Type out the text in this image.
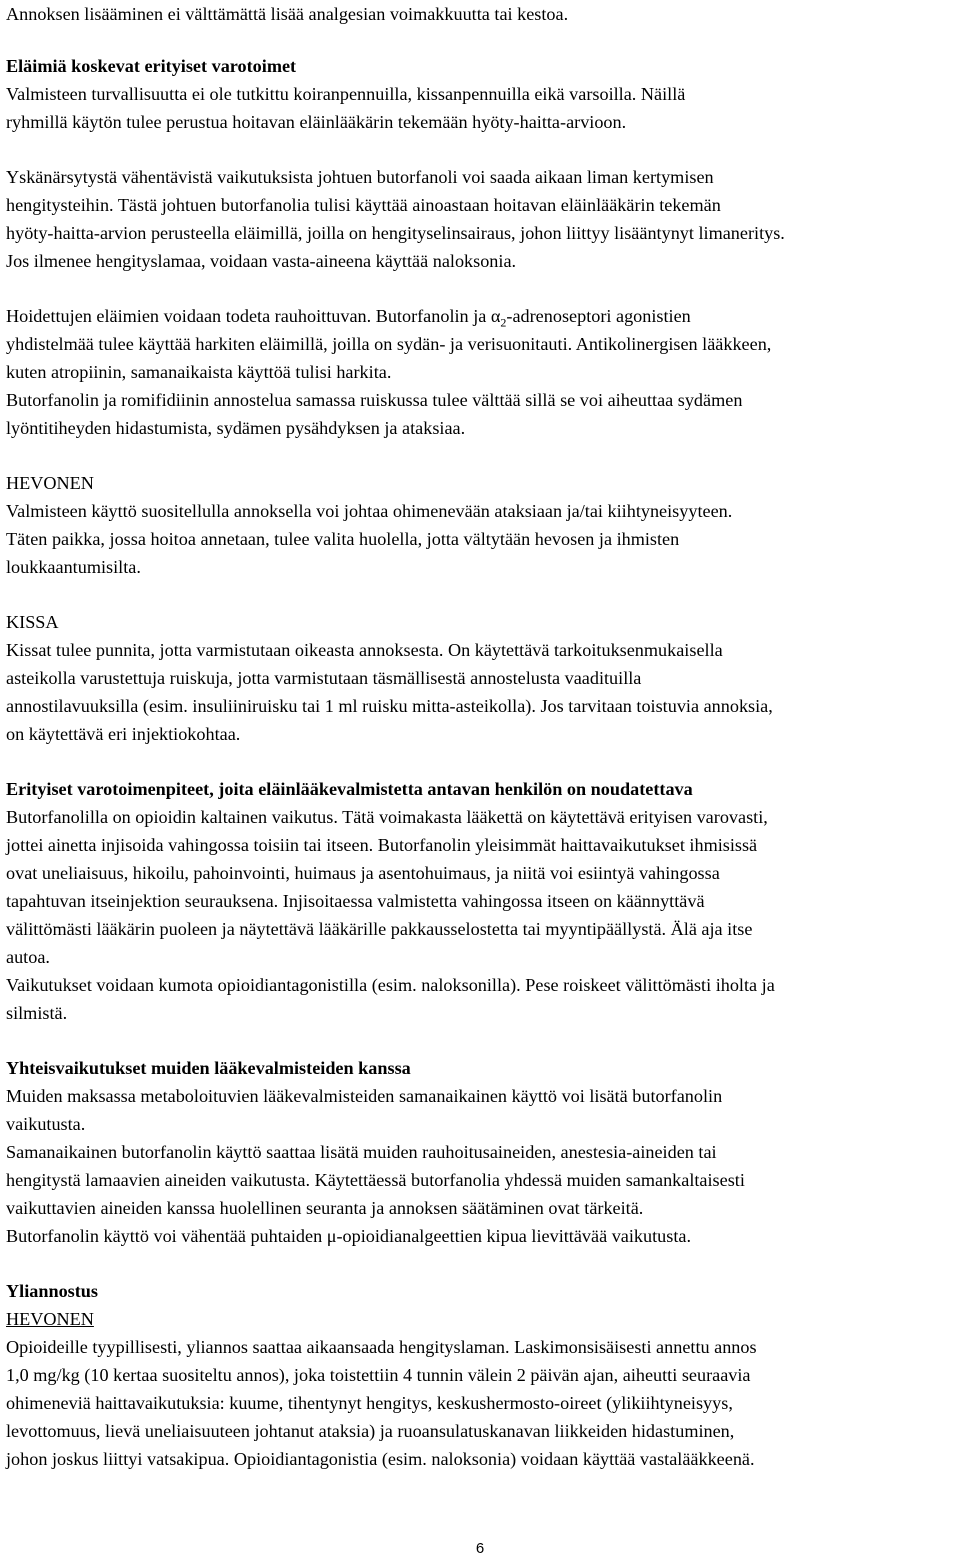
Annoksen lisääminen ei välttämättä lisää analgesian voimakkuutta tai kestoa.
Eläimiä koskevat erityiset varotoimet
Valmisteen turvallisuutta ei ole tutkittu koiranpennuilla, kissanpennuilla eikä varsoilla. Näillä
ryhmillä käytön tulee perustua hoitavan eläinlääkärin tekemään hyöty-haitta-arvioon.
Yskänärsytystä vähentävistä vaikutuksista johtuen butorfanoli voi saada aikaan liman kertymisen
hengitysteihin. Tästä johtuen butorfanolia tulisi käyttää ainoastaan hoitavan eläinlääkärin tekemän
hyöty-haitta-arvion perusteella eläimillä, joilla on hengityselinsairaus, johon liittyy lisääntynyt limaneritys.
Jos ilmenee hengityslamaa, voidaan vasta-aineena käyttää naloksonia.
Hoidettujen eläimien voidaan todeta rauhoittuvan. Butorfanolin ja $\alpha_2$-adrenoseptori agonistien
yhdistelmää tulee käyttää harkiten eläimillä, joilla on sydän- ja verisuonitauti. Antikolinergisen lääkkeen,
kuten atropiinin, samanaikaista käyttöä tulisi harkita.
Butorfanolin ja romifidiinin annostelua samassa ruiskussa tulee välttää sillä se voi aiheuttaa sydämen
lyöntitiheyden hidastumista, sydämen pysähdyksen ja ataksiaa.
HEVONEN
Valmisteen käyttö suositellulla annoksella voi johtaa ohimenevään ataksiaan ja/tai kiihtyneisyyteen.
Täten paikka, jossa hoitoa annetaan, tulee valita huolella, jotta vältytään hevosen ja ihmisten
loukkaantumisilta.
KISSA
Kissat tulee punnita, jotta varmistutaan oikeasta annoksesta. On käytettävä tarkoituksenmukaisella
asteikolla varustettuja ruiskuja, jotta varmistutaan täsmällisestä annostelusta vaadituilla
annostilavuuksilla (esim. insuliiniruisku tai 1 ml ruisku mitta-asteikolla). Jos tarvitaan toistuvia annoksia,
on käytettävä eri injektiokohtaa.
Erityiset varotoimenpiteet, joita eläinlääkevalmistetta antavan henkilön on noudatettava
Butorfanolilla on opioidin kaltainen vaikutus. Tätä voimakasta lääkettä on käytettävä erityisen varovasti,
jottei ainetta injisoida vahingossa toisiin tai itseen. Butorfanolin yleisimmät haittavaikutukset ihmisissä
ovat uneliaisuus, hikoilu, pahoinvointi, huimaus ja asentohuimaus, ja niitä voi esiintyä vahingossa
tapahtuvan itseinjektion seurauksena. Injisoitaessa valmistetta vahingossa itseen on käännyttävä
välittömästi lääkärin puoleen ja näytettävä lääkärille pakkausselostetta tai myyntipäällystä. Älä aja itse
autoa.
Vaikutukset voidaan kumota opioidiantagonistilla (esim. naloksonilla). Pese roiskeet välittömästi iholta ja
silmistä.
Yhteisvaikutukset muiden lääkevalmisteiden kanssa
Muiden maksassa metaboloituvien lääkevalmisteiden samanaikainen käyttö voi lisätä butorfanolin
vaikutusta.
Samanaikainen butorfanolin käyttö saattaa lisätä muiden rauhoitusaineiden, anestesia-aineiden tai
hengitystä lamaavien aineiden vaikutusta. Käytettäessä butorfanolia yhdessä muiden samankaltaisesti
vaikuttavien aineiden kanssa huolellinen seuranta ja annoksen säätäminen ovat tärkeitä.
Butorfanolin käyttö voi vähentää puhtaiden μ-opioidianalgeettien kipua lievittävää vaikutusta.
Yliannostus
HEVONEN
Opioideille tyypillisesti, yliannos saattaa aikaansaada hengityslaman. Laskimonsisäisesti annettu annos
1,0 mg/kg (10 kertaa suositeltu annos), joka toistettiin 4 tunnin välein 2 päivän ajan, aiheutti seuraavia
ohimeneviä haittavaikutuksia: kuume, tihentynyt hengitys, keskushermosto-oireet (ylikiihtyneisyys,
levottomuus, lievä uneliaisuuteen johtanut ataksia) ja ruoansulatuskanavan liikkeiden hidastuminen,
johon joskus liittyi vatsakipua. Opioidiantagonistia (esim. naloksonia) voidaan käyttää vastalääkkeenä.
6
